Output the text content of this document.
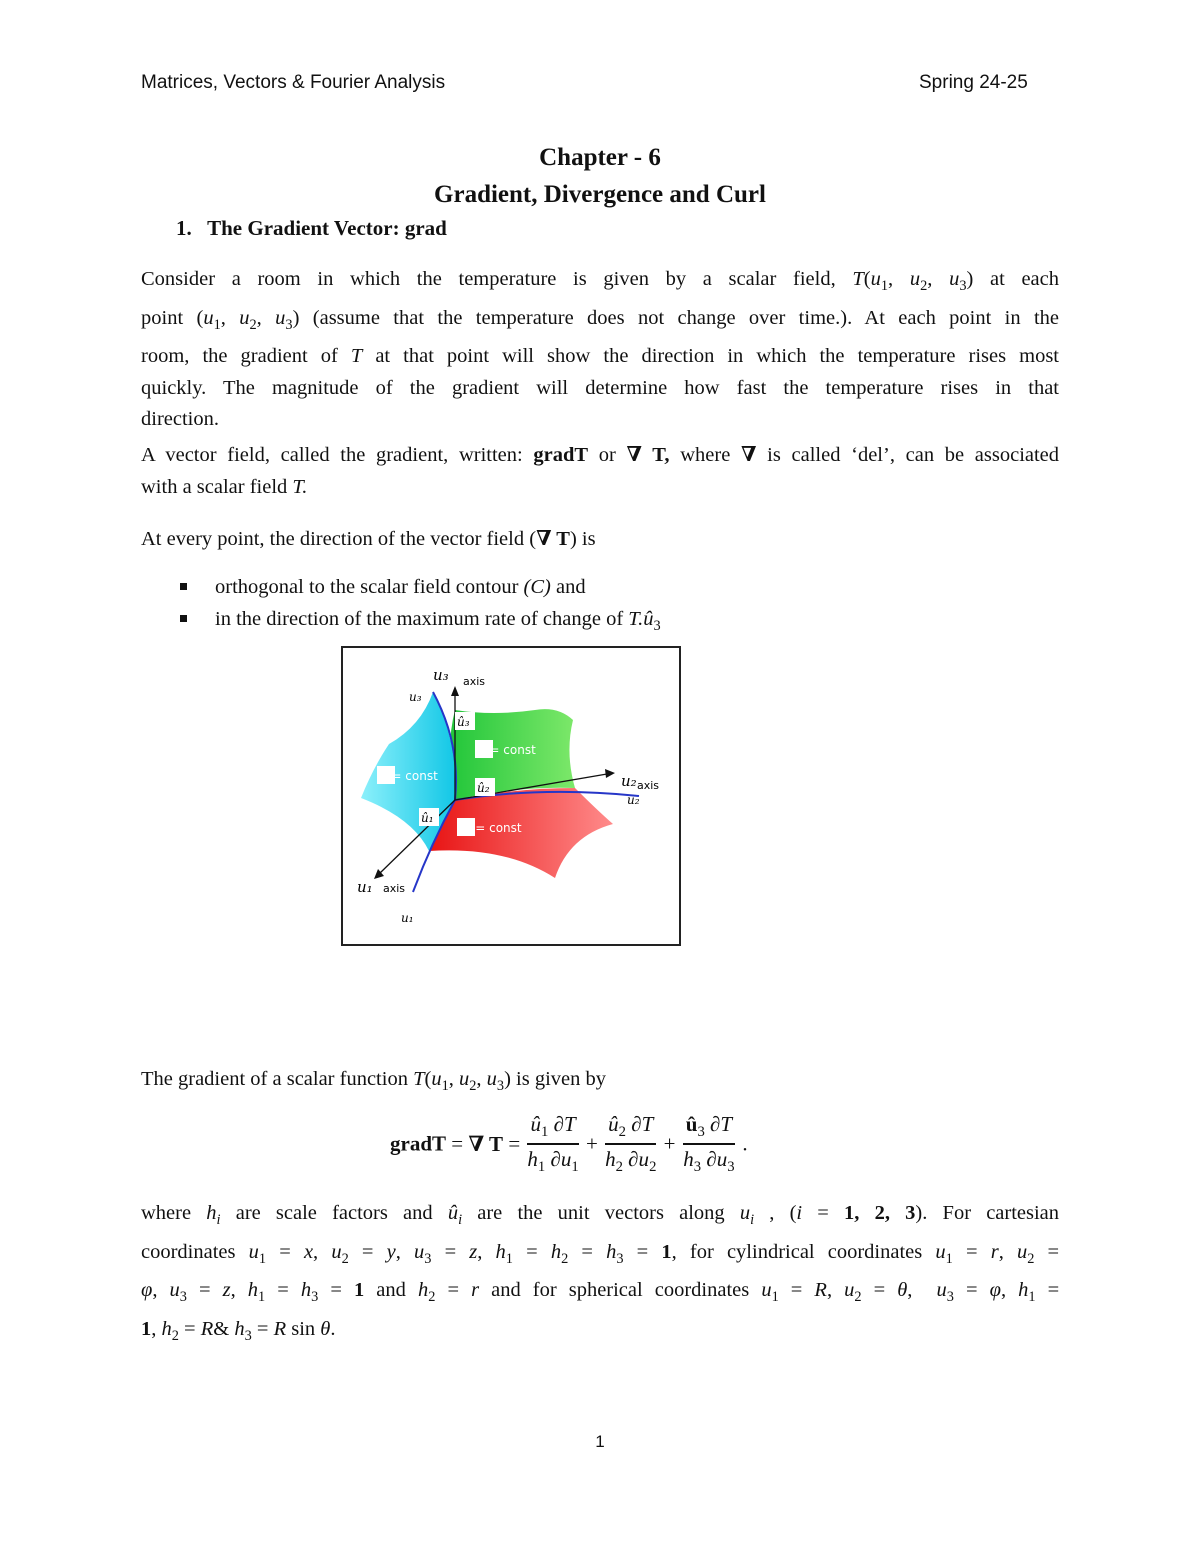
Matrices, Vectors & Fourier Analysis	Spring 24-25
Chapter - 6
Gradient, Divergence and Curl
1. The Gradient Vector: grad
Consider a room in which the temperature is given by a scalar field, $T(u_1$, $u_2$, $u_3$) at each
point ($u_1$, $u_2$, $u_3$) (assume that the temperature does not change over time.). At each point in the
room, the gradient of T at that point will show the direction in which the temperature rises most
quickly. The magnitude of the gradient will determine how fast the temperature rises in that
direction.
A vector field, called the gradient, written: gradT or ∇ T, where ∇ is called ‘del’, can be associated
with a scalar field T.
At every point, the direction of the vector field (∇ T) is
orthogonal to the scalar field contour (C) and
in the direction of the maximum rate of change of $T.û_3$
u₃ axis
u₃
u₂ axis
u₂
u₁ axis
u₁
û₃
û₂
û₁
u₁= const
u₂= const
u₃ = const
The gradient of a scalar function $T(u_1$, $u_2$, $u_3$) is given by
gradT = ∇ $T = \frac{û_1 \partial T}{h_1 \partial u_1} + \frac{û_2 \partial T}{h_2 \partial u_2} + \frac{û_3 \partial T}{h_3 \partial u_3}$ .
where $h_i$ are scale factors and $û_i$ are the unit vectors along $u_i$ , (i = 1, 2, 3). For cartesian
coordinates $u_1 = x$, $u_2 = y$, $u_3 = z$, $h_1 = h_2 = h_3 = 1$, for cylindrical coordinates $u_1 = r$, $u_2$ =
φ, $u_3 = z$, $h_1 = h_3 = 1$ and $h_2 = r$ and for spherical coordinates $u_1 = R$, $u_2 = \theta$,  $u_3 = \varphi$, $h_1$ =
1, $h_2$ = R& $h_3 = R$ sin θ.
1
